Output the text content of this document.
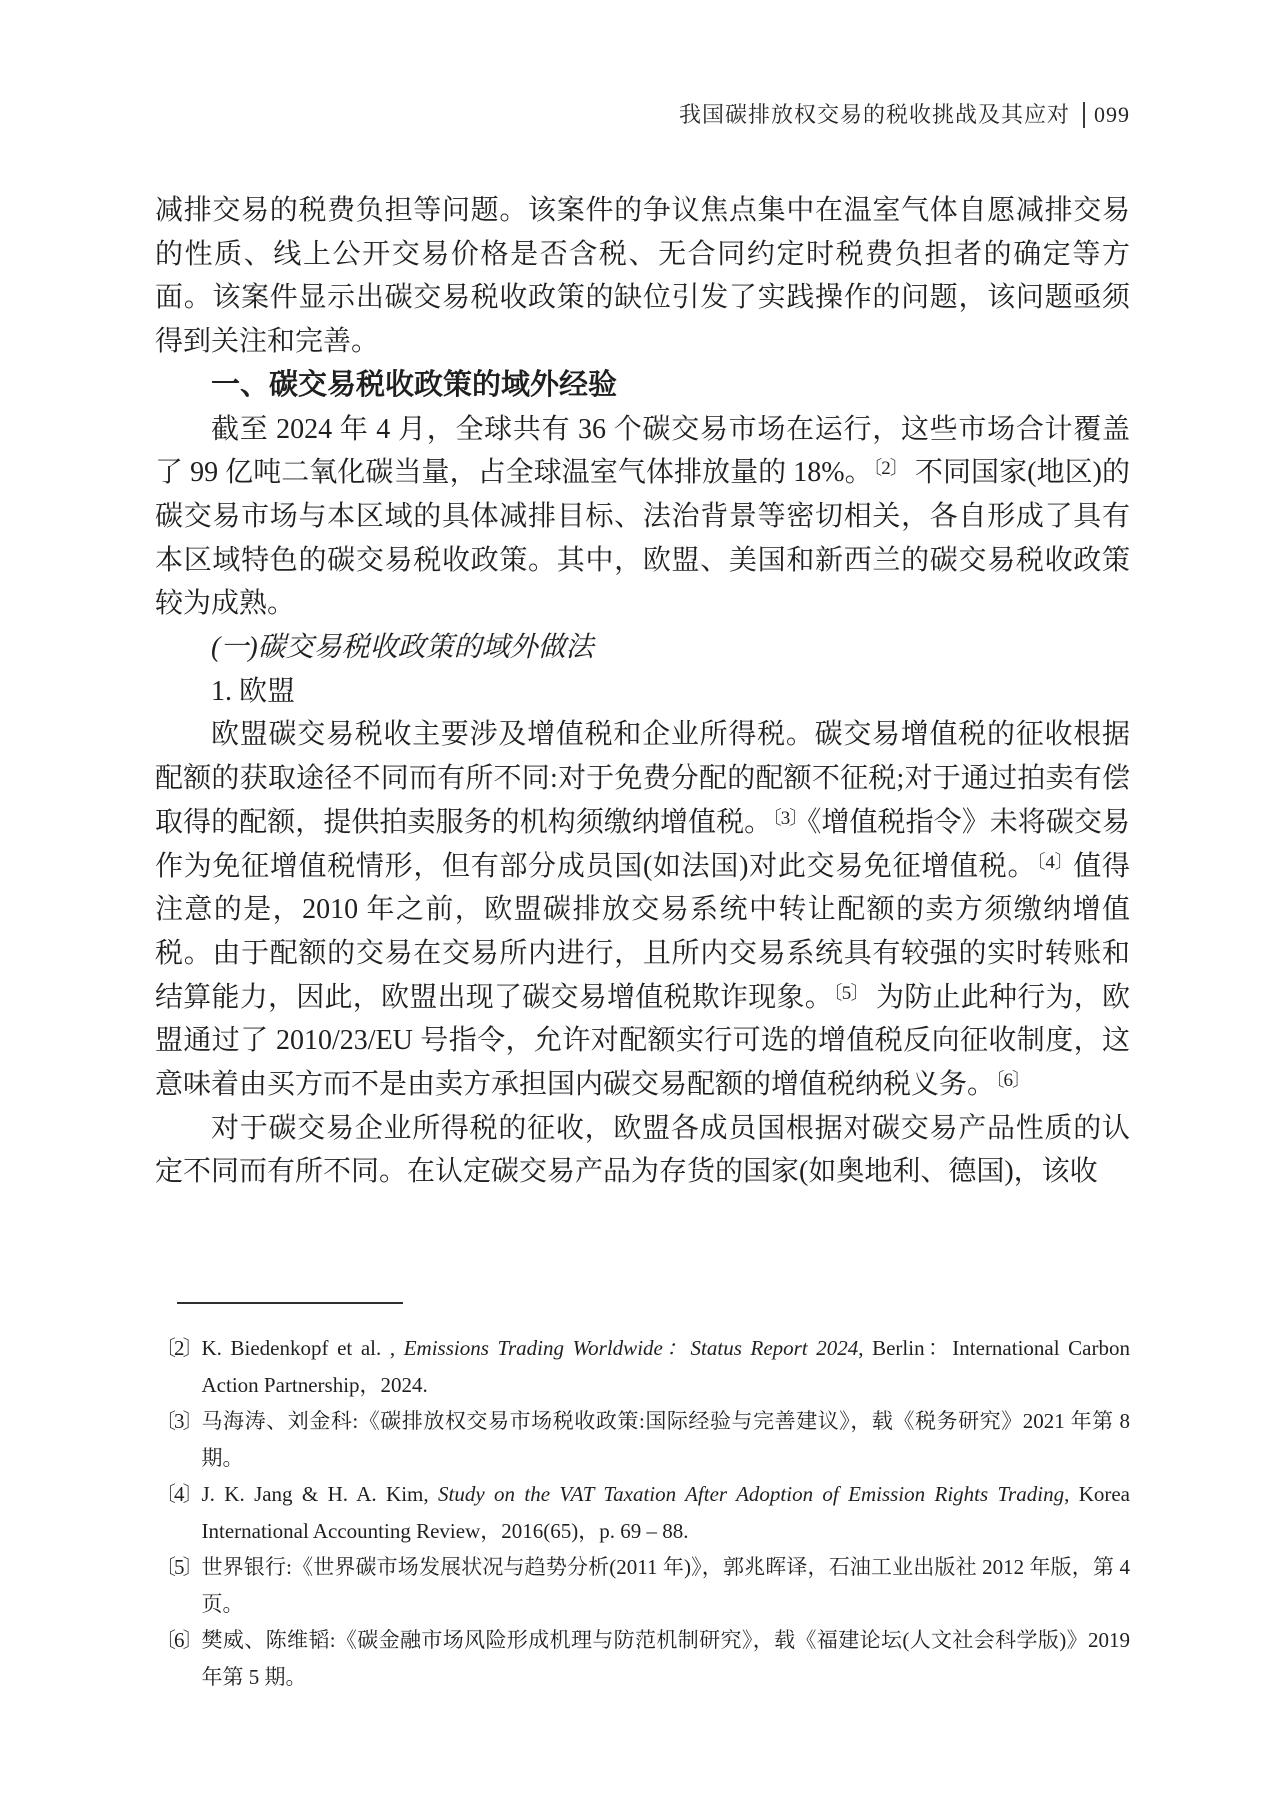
我国碳排放权交易的税收挑战及其应对 099

减排交易的税费负担等问题。该案件的争议焦点集中在温室气体自愿减排交易的性质、线上公开交易价格是否含税、无合同约定时税费负担者的确定等方面。该案件显示出碳交易税收政策的缺位引发了实践操作的问题，该问题亟须得到关注和完善。

一、碳交易税收政策的域外经验

截至 2024 年 4 月，全球共有 36 个碳交易市场在运行，这些市场合计覆盖了 99 亿吨二氧化碳当量，占全球温室气体排放量的 18%。$^{〔2〕}$ 不同国家(地区)的碳交易市场与本区域的具体减排目标、法治背景等密切相关，各自形成了具有本区域特色的碳交易税收政策。其中，欧盟、美国和新西兰的碳交易税收政策较为成熟。

(一)碳交易税收政策的域外做法
1. 欧盟

欧盟碳交易税收主要涉及增值税和企业所得税。碳交易增值税的征收根据配额的获取途径不同而有所不同:对于免费分配的配额不征税;对于通过拍卖有偿取得的配额，提供拍卖服务的机构须缴纳增值税。$^{〔3〕}$《增值税指令》未将碳交易作为免征增值税情形，但有部分成员国(如法国)对此交易免征增值税。$^{〔4〕}$值得注意的是，2010 年之前，欧盟碳排放交易系统中转让配额的卖方须缴纳增值税。由于配额的交易在交易所内进行，且所内交易系统具有较强的实时转账和结算能力，因此，欧盟出现了碳交易增值税欺诈现象。$^{〔5〕}$ 为防止此种行为，欧盟通过了 2010/23/EU 号指令，允许对配额实行可选的增值税反向征收制度，这意味着由买方而不是由卖方承担国内碳交易配额的增值税纳税义务。$^{〔6〕}$

对于碳交易企业所得税的征收，欧盟各成员国根据对碳交易产品性质的认定不同而有所不同。在认定碳交易产品为存货的国家(如奥地利、德国)，该收

〔2〕 K. Biedenkopf et al. , Emissions Trading Worldwide：Status Report 2024, Berlin：International Carbon Action Partnership，2024.
〔3〕 马海涛、刘金科:《碳排放权交易市场税收政策:国际经验与完善建议》，载《税务研究》2021 年第 8 期。
〔4〕 J. K. Jang & H. A. Kim, Study on the VAT Taxation After Adoption of Emission Rights Trading, Korea International Accounting Review，2016(65)，p. 69 – 88.
〔5〕 世界银行:《世界碳市场发展状况与趋势分析(2011 年)》，郭兆晖译，石油工业出版社 2012 年版，第 4 页。
〔6〕 樊威、陈维韬:《碳金融市场风险形成机理与防范机制研究》，载《福建论坛(人文社会科学版)》2019 年第 5 期。
